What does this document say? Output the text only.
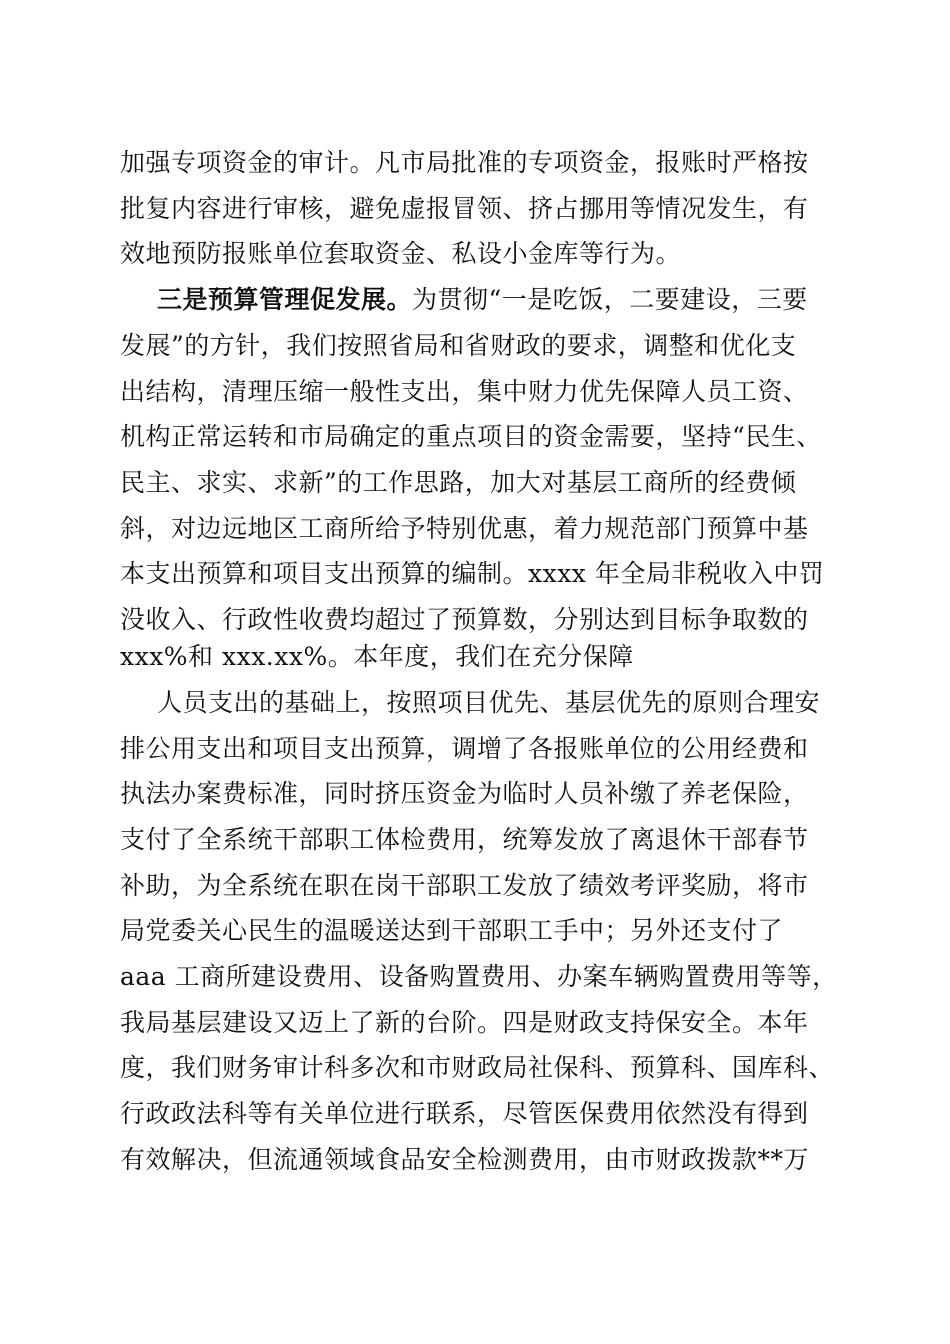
加强专项资金的审计。凡市局批准的专项资金，报账时严格按
批复内容进行审核，避免虚报冒领、挤占挪用等情况发生，有
效地预防报账单位套取资金、私设小金库等行为。
三是预算管理促发展。为贯彻“一是吃饭，二要建设，三要
发展”的方针，我们按照省局和省财政的要求，调整和优化支
出结构，清理压缩一般性支出，集中财力优先保障人员工资、
机构正常运转和市局确定的重点项目的资金需要，坚持“民生、
民主、求实、求新”的工作思路，加大对基层工商所的经费倾
斜，对边远地区工商所给予特别优惠，着力规范部门预算中基
本支出预算和项目支出预算的编制。xxxx 年全局非税收入中罚
没收入、行政性收费均超过了预算数，分别达到目标争取数的
xxx%和 xxx.xx%。本年度，我们在充分保障
人员支出的基础上，按照项目优先、基层优先的原则合理安
排公用支出和项目支出预算，调增了各报账单位的公用经费和
执法办案费标准，同时挤压资金为临时人员补缴了养老保险，
支付了全系统干部职工体检费用，统筹发放了离退休干部春节
补助，为全系统在职在岗干部职工发放了绩效考评奖励，将市
局党委关心民生的温暖送达到干部职工手中；另外还支付了
aaa 工商所建设费用、设备购置费用、办案车辆购置费用等等，
我局基层建设又迈上了新的台阶。四是财政支持保安全。本年
度，我们财务审计科多次和市财政局社保科、预算科、国库科、
行政政法科等有关单位进行联系，尽管医保费用依然没有得到
有效解决，但流通领域食品安全检测费用，由市财政拨款**万
